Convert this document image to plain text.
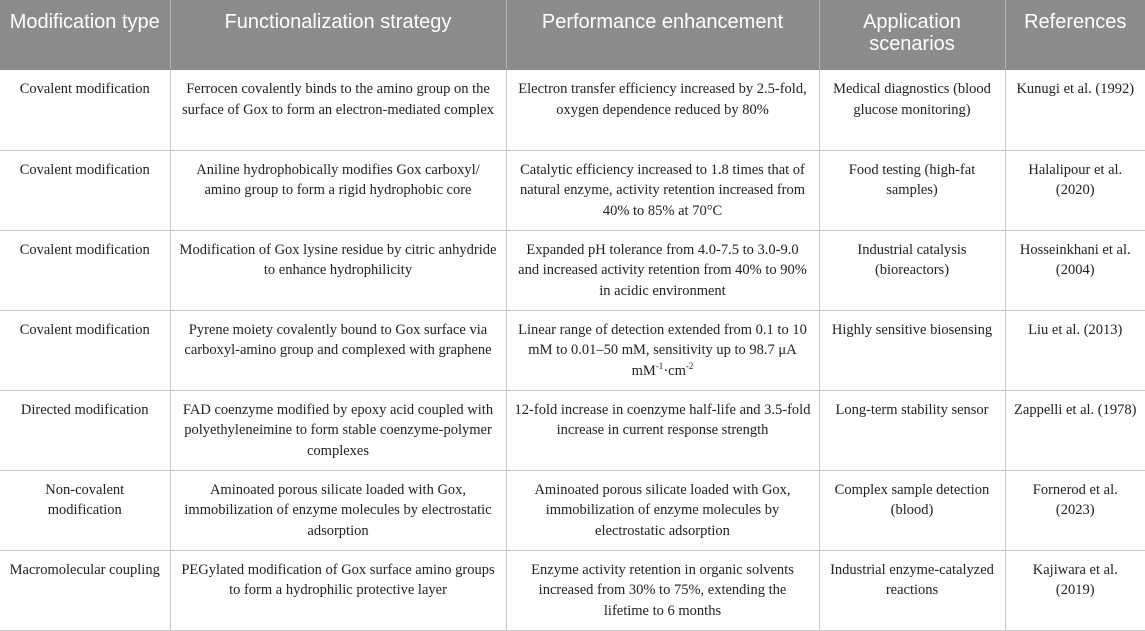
Modification type	Functionalization strategy	Performance enhancement	Application scenarios	References
Covalent modification	Ferrocen covalently binds to the amino group on the surface of Gox to form an electron-mediated complex	Electron transfer efficiency increased by 2.5-fold, oxygen dependence reduced by 80%	Medical diagnostics (blood glucose monitoring)	Kunugi et al. (1992)
Covalent modification	Aniline hydrophobically modifies Gox carboxyl/ amino group to form a rigid hydrophobic core	Catalytic efficiency increased to 1.8 times that of natural enzyme, activity retention increased from 40% to 85% at 70°C	Food testing (high-fat samples)	Halalipour et al. (2020)
Covalent modification	Modification of Gox lysine residue by citric anhydride to enhance hydrophilicity	Expanded pH tolerance from 4.0-7.5 to 3.0-9.0 and increased activity retention from 40% to 90% in acidic environment	Industrial catalysis (bioreactors)	Hosseinkhani et al. (2004)
Covalent modification	Pyrene moiety covalently bound to Gox surface via carboxyl-amino group and complexed with graphene	Linear range of detection extended from 0.1 to 10 mM to 0.01–50 mM, sensitivity up to 98.7 μA $mM^{-1}\cdot cm^{-2}$	Highly sensitive biosensing	Liu et al. (2013)
Directed modification	FAD coenzyme modified by epoxy acid coupled with polyethyleneimine to form stable coenzyme-polymer complexes	12-fold increase in coenzyme half-life and 3.5-fold increase in current response strength	Long-term stability sensor	Zappelli et al. (1978)
Non-covalent modification	Aminoated porous silicate loaded with Gox, immobilization of enzyme molecules by electrostatic adsorption	Aminoated porous silicate loaded with Gox, immobilization of enzyme molecules by electrostatic adsorption	Complex sample detection (blood)	Fornerod et al. (2023)
Macromolecular coupling	PEGylated modification of Gox surface amino groups to form a hydrophilic protective layer	Enzyme activity retention in organic solvents increased from 30% to 75%, extending the lifetime to 6 months	Industrial enzyme-catalyzed reactions	Kajiwara et al. (2019)
